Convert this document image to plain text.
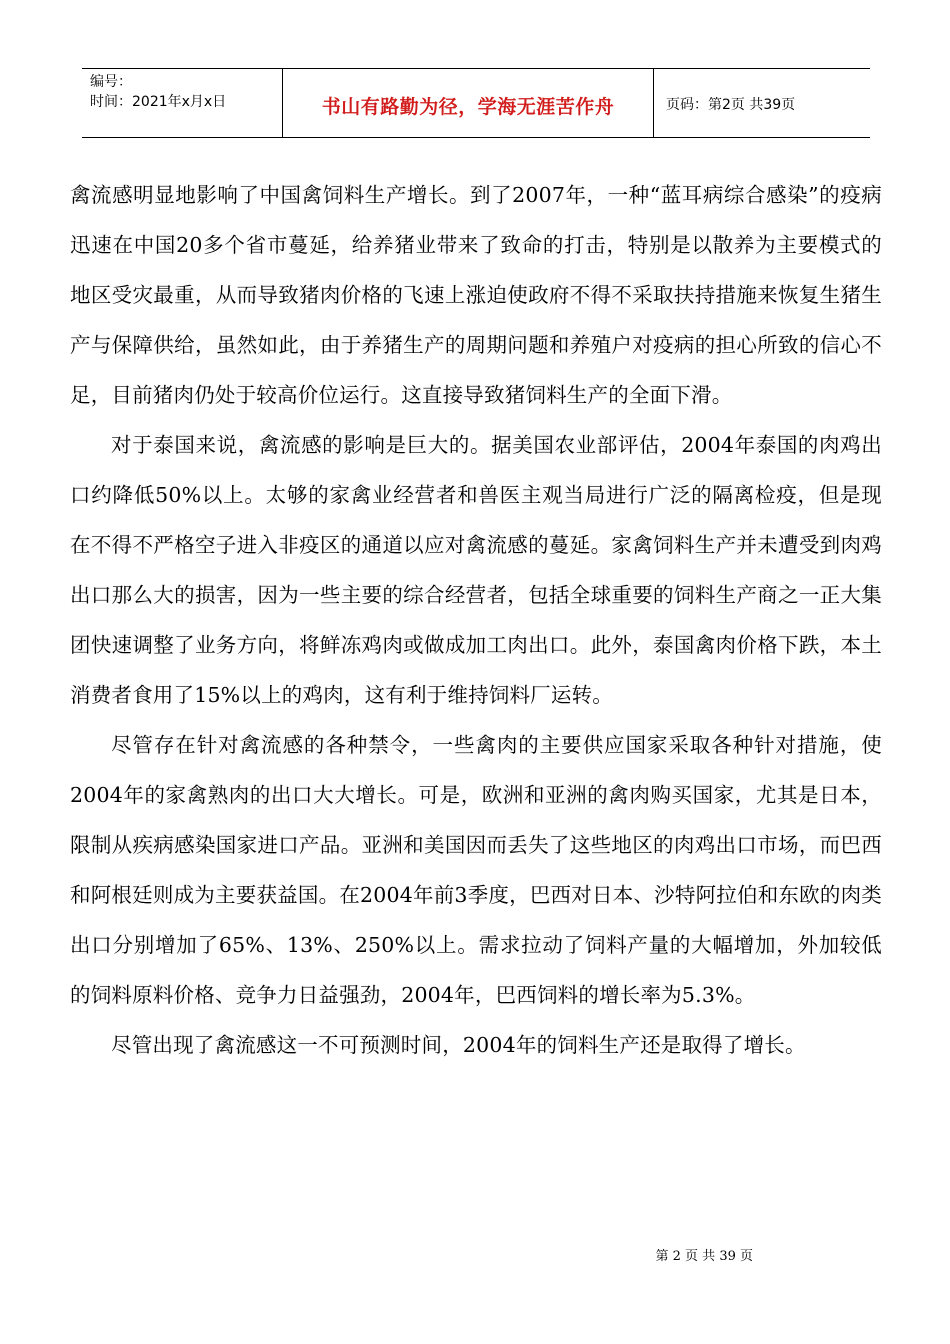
编号：
时间：2021年x月x日	书山有路勤为径，学海无涯苦作舟	页码：第2页 共39页

禽流感明显地影响了中国禽饲料生产增长。到了2007年，一种“蓝耳病综合感染”的疫病迅速在中国20多个省市蔓延，给养猪业带来了致命的打击，特别是以散养为主要模式的地区受灾最重，从而导致猪肉价格的飞速上涨迫使政府不得不采取扶持措施来恢复生猪生产与保障供给，虽然如此，由于养猪生产的周期问题和养殖户对疫病的担心所致的信心不足，目前猪肉仍处于较高价位运行。这直接导致猪饲料生产的全面下滑。

对于泰国来说，禽流感的影响是巨大的。据美国农业部评估，2004年泰国的肉鸡出口约降低50%以上。太够的家禽业经营者和兽医主观当局进行广泛的隔离检疫，但是现在不得不严格空子进入非疫区的通道以应对禽流感的蔓延。家禽饲料生产并未遭受到肉鸡出口那么大的损害，因为一些主要的综合经营者，包括全球重要的饲料生产商之一正大集团快速调整了业务方向，将鲜冻鸡肉或做成加工肉出口。此外，泰国禽肉价格下跌，本土消费者食用了15%以上的鸡肉，这有利于维持饲料厂运转。

尽管存在针对禽流感的各种禁令，一些禽肉的主要供应国家采取各种针对措施，使2004年的家禽熟肉的出口大大增长。可是，欧洲和亚洲的禽肉购买国家，尤其是日本，限制从疾病感染国家进口产品。亚洲和美国因而丢失了这些地区的肉鸡出口市场，而巴西和阿根廷则成为主要获益国。在2004年前3季度，巴西对日本、沙特阿拉伯和东欧的肉类出口分别增加了65%、13%、250%以上。需求拉动了饲料产量的大幅增加，外加较低的饲料原料价格、竞争力日益强劲，2004年，巴西饲料的增长率为5.3%。

尽管出现了禽流感这一不可预测时间，2004年的饲料生产还是取得了增长。

第 2 页 共 39 页
